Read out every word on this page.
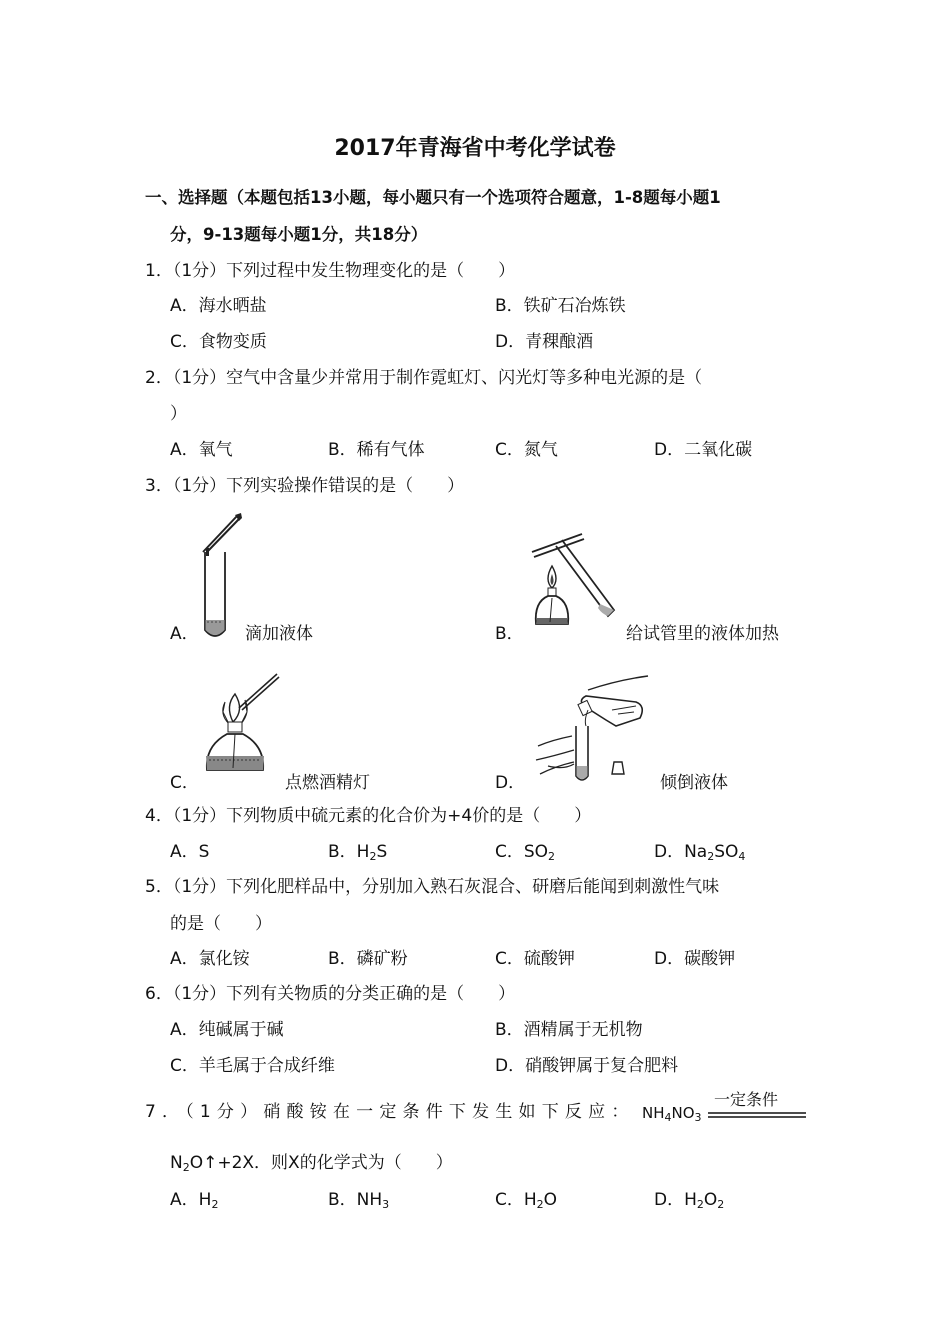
2017年青海省中考化学试卷
一、选择题（本题包括13小题，每小题只有一个选项符合题意，1-8题每小题1
分，9-13题每小题1分，共18分）
1．（1分）下列过程中发生物理变化的是（　　）
A．海水晒盐	B．铁矿石冶炼铁
C．食物变质	D．青稞酿酒
2．（1分）空气中含量少并常用于制作霓虹灯、闪光灯等多种电光源的是（
）
A．氧气	B．稀有气体	C．氮气	D．二氧化碳
3．（1分）下列实验操作错误的是（　　）
A．	滴加液体	B．	给试管里的液体加热
C．	点燃酒精灯	D．	倾倒液体
4．（1分）下列物质中硫元素的化合价为+4价的是（　　）
A．S	B．$H_2S$	C．$SO_2$	D．$Na_2SO_4$
5．（1分）下列化肥样品中，分别加入熟石灰混合、研磨后能闻到刺激性气味
的是（　　）
A．氯化铵	B．磷矿粉	C．硫酸钾	D．碳酸钾
6．（1分）下列有关物质的分类正确的是（　　）
A．纯碱属于碱	B．酒精属于无机物
C．羊毛属于合成纤维	D．硝酸钾属于复合肥料
7．（1分）硝酸铵在一定条件下发生如下反应： $NH_4NO_3$
一定条件
$N_2O↑+2X$．则X的化学式为（　　）
A．$H_2$	B．$NH_3$	C．$H_2O$	D．$H_2O_2$
